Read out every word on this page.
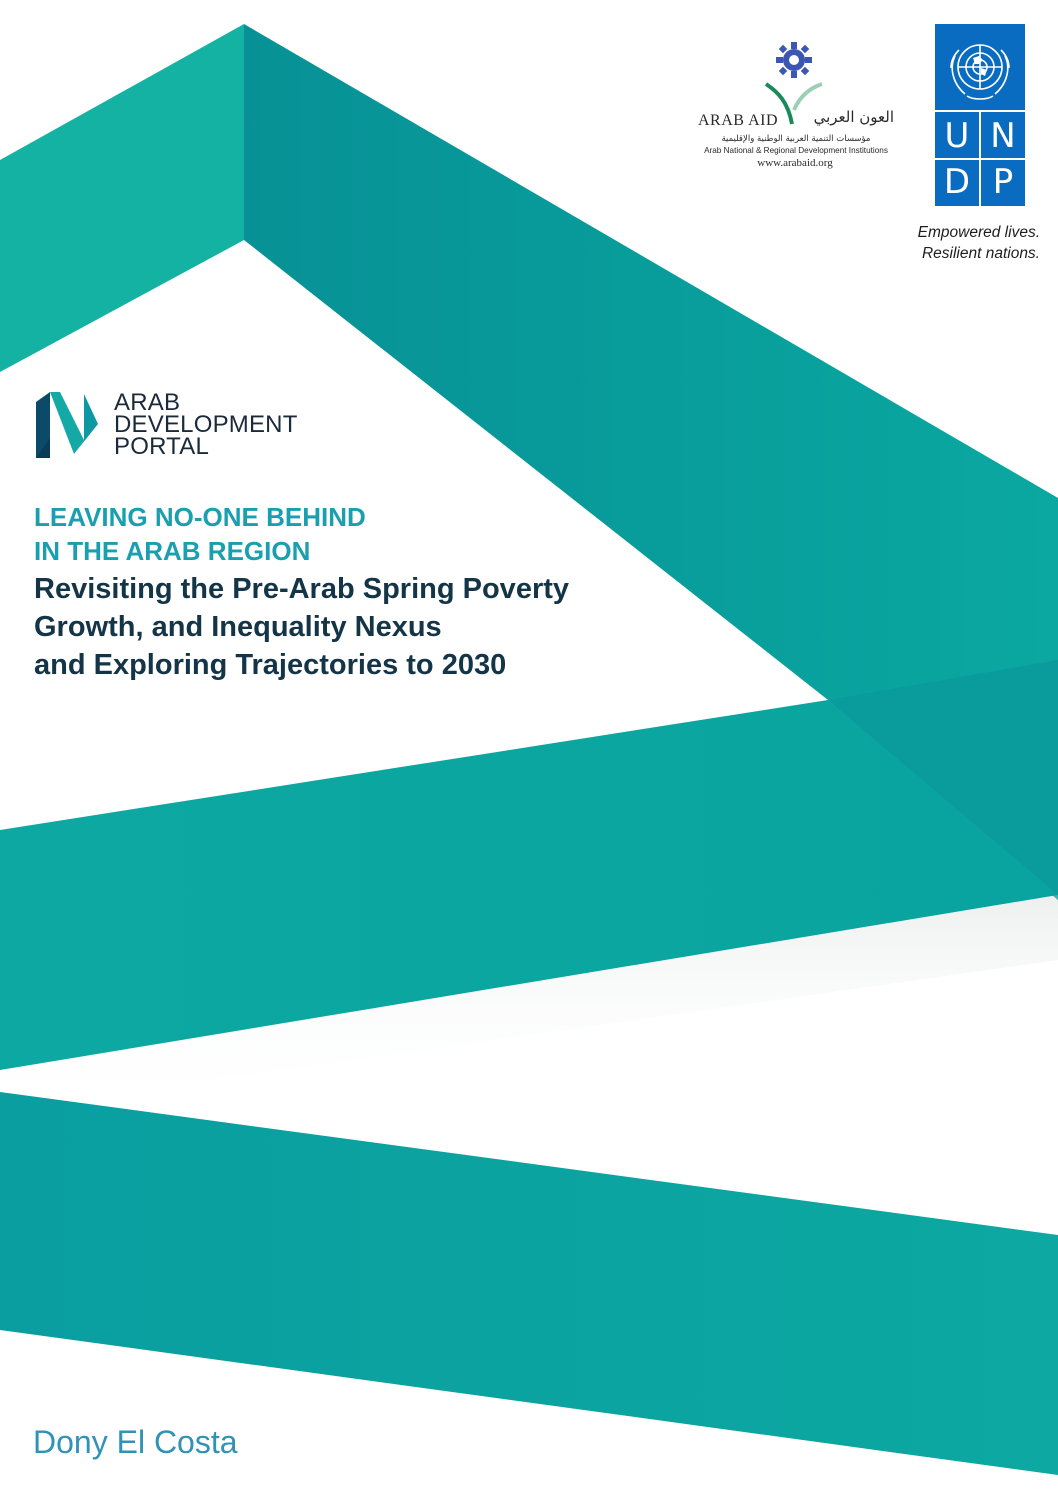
ARAB AID العون العربي
مؤسسات التنمية العربية الوطنية والإقليمية
Arab National & Regional Development Institutions
www.arabaid.org
U N
D P
Empowered lives.
Resilient nations.
ARAB
DEVELOPMENT
PORTAL
LEAVING NO-ONE BEHIND
IN THE ARAB REGION
Revisiting the Pre-Arab Spring Poverty
Growth, and Inequality Nexus
and Exploring Trajectories to 2030
Dony El Costa
